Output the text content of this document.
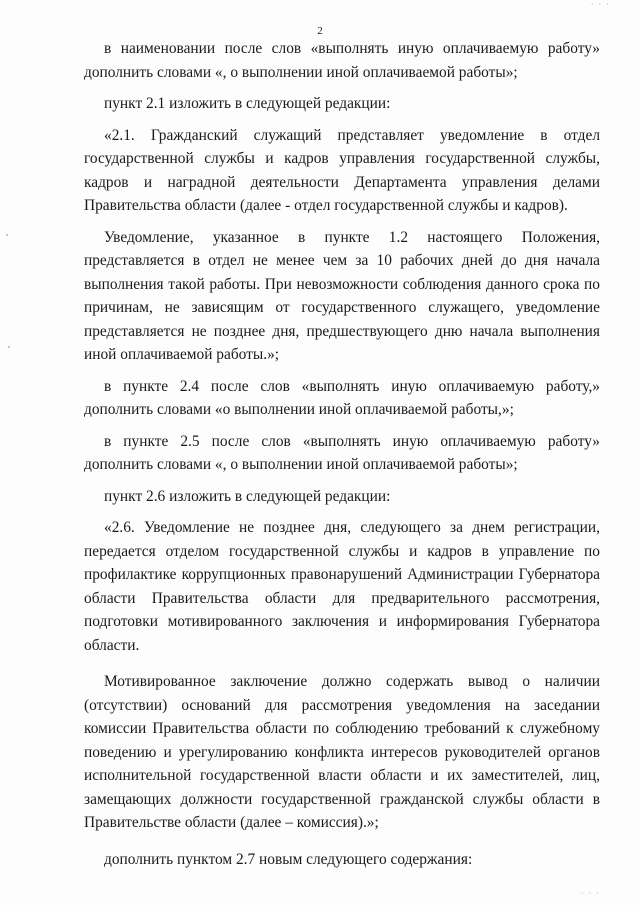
· · ·
2

в наименовании после слов «выполнять иную оплачиваемую работу» дополнить словами «, о выполнении иной оплачиваемой работы»;

пункт 2.1 изложить в следующей редакции:

«2.1. Гражданский служащий представляет уведомление в отдел государственной службы и кадров управления государственной службы, кадров и наградной деятельности Департамента управления делами Правительства области (далее - отдел государственной службы и кадров).

Уведомление, указанное в пункте 1.2 настоящего Положения, представляется в отдел не менее чем за 10 рабочих дней до дня начала выполнения такой работы. При невозможности соблюдения данного срока по причинам, не зависящим от государственного служащего, уведомление представляется не позднее дня, предшествующего дню начала выполнения иной оплачиваемой работы.»;

в пункте 2.4 после слов «выполнять иную оплачиваемую работу,» дополнить словами «о выполнении иной оплачиваемой работы,»;

в пункте 2.5 после слов «выполнять иную оплачиваемую работу» дополнить словами «, о выполнении иной оплачиваемой работы»;

пункт 2.6 изложить в следующей редакции:

«2.6. Уведомление не позднее дня, следующего за днем регистрации, передается отделом государственной службы и кадров в управление по профилактике коррупционных правонарушений Администрации Губернатора области Правительства области для предварительного рассмотрения, подготовки мотивированного заключения и информирования Губернатора области.

Мотивированное заключение должно содержать вывод о наличии (отсутствии) оснований для рассмотрения уведомления на заседании комиссии Правительства области по соблюдению требований к служебному поведению и урегулированию конфликта интересов руководителей органов исполнительной государственной власти области и их заместителей, лиц, замещающих должности государственной гражданской службы области в Правительстве области (далее – комиссия).»;

дополнить пунктом 2.7 новым следующего содержания:

· · ·
